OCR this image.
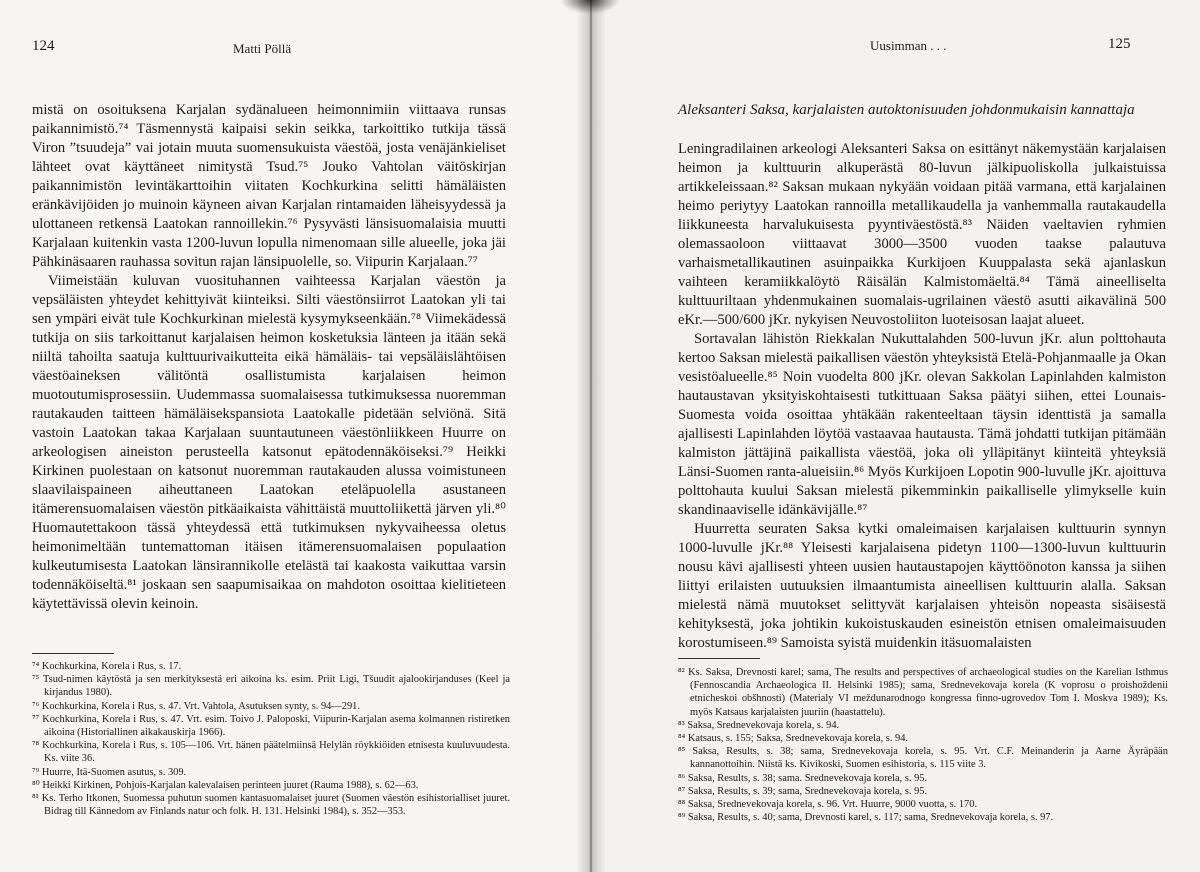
124	Matti Pöllä

mistä on osoituksena Karjalan sydänalueen heimonnimiin viittaava runsas paikannimistö.⁷⁴ Täsmennystä kaipaisi sekin seikka, tarkoittiko tutkija tässä Viron ”tsuudeja” vai jotain muuta suomensukuista väestöä, josta venäjänkieliset lähteet ovat käyttäneet nimitystä Tsud.⁷⁵ Jouko Vahtolan väitöskirjan paikannimistön levintäkarttoihin viitaten Kochkurkina selitti hämäläisten eränkävijöiden jo muinoin käyneen aivan Karjalan rintamaiden läheisyydessä ja ulottaneen retkensä Laatokan rannoillekin.⁷⁶ Pysyvästi länsisuomalaisia muutti Karjalaan kuitenkin vasta 1200-luvun lopulla nimenomaan sille alueelle, joka jäi Pähkinäsaaren rauhassa sovitun rajan länsipuolelle, so. Viipurin Karjalaan.⁷⁷

Viimeistään kuluvan vuosituhannen vaihteessa Karjalan väestön ja vepsäläisten yhteydet kehittyivät kiinteiksi. Silti väestönsiirrot Laatokan yli tai sen ympäri eivät tule Kochkurkinan mielestä kysymykseenkään.⁷⁸ Viimekädessä tutkija on siis tarkoittanut karjalaisen heimon kosketuksia länteen ja itään sekä niiltä tahoilta saatuja kulttuurivaikutteita eikä hämäläis- tai vepsäläislähtöisen väestöaineksen välitöntä osallistumista karjalaisen heimon muotoutumisprosessiin. Uudemmassa suomalaisessa tutkimuksessa nuoremman rautakauden taitteen hämäläisekspansiota Laatokalle pidetään selviönä. Sitä vastoin Laatokan takaa Karjalaan suuntautuneen väestönliikkeen Huurre on arkeologisen aineiston perusteella katsonut epätodennäköiseksi.⁷⁹ Heikki Kirkinen puolestaan on katsonut nuoremman rautakauden alussa voimistuneen slaavilaispaineen aiheuttaneen Laatokan eteläpuolella asustaneen itämerensuomalaisen väestön pitkäaikaista vähittäistä muuttoliikettä järven yli.⁸⁰ Huomautettakoon tässä yhteydessä että tutkimuksen nykyvaiheessa oletus heimonimeltään tuntemattoman itäisen itämerensuomalaisen populaation kulkeutumisesta Laatokan länsirannikolle etelästä tai kaakosta vaikuttaa varsin todennäköiseltä.⁸¹ joskaan sen saapumisaikaa on mahdoton osoittaa kielitieteen käytettävissä olevin keinoin.

⁷⁴ Kochkurkina, Korela i Rus, s. 17.

⁷⁵ Tsud-nimen käytöstä ja sen merkityksestä eri aikoina ks. esim. Priit Ligi, Tšuudit ajalookirjanduses (Keel ja kirjandus 1980).

⁷⁶ Kochkurkina, Korela i Rus, s. 47. Vrt. Vahtola, Asutuksen synty, s. 94—291.

⁷⁷ Kochkurkina, Korela i Rus, s. 47. Vrt. esim. Toivo J. Paloposki, Viipurin-Karjalan asema kolmannen ristiretken aikoina (Historiallinen aikakauskirja 1966).

⁷⁸ Kochkurkina, Korela i Rus, s. 105—106. Vrt. hänen päätelmiinsä Helylän röykkiöiden etnisesta kuuluvuudesta. Ks. viite 36.

⁷⁹ Huurre, Itä-Suomen asutus, s. 309.

⁸⁰ Heikki Kirkinen, Pohjois-Karjalan kalevalaisen perinteen juuret (Rauma 1988), s. 62—63.

⁸¹ Ks. Terho Itkonen, Suomessa puhutun suomen kantasuomalaiset juuret (Suomen väestön esihistorialliset juuret. Bidrag till Kännedom av Finlands natur och folk. H. 131. Helsinki 1984), s. 352—353.

Uusimman . . .	125
Aleksanteri Saksa, karjalaisten autoktonisuuden johdonmukaisin kannattaja

Leningradilainen arkeologi Aleksanteri Saksa on esittänyt näkemystään karjalaisen heimon ja kulttuurin alkuperästä 80-luvun jälkipuoliskolla julkaistuissa artikkeleissaan.⁸² Saksan mukaan nykyään voidaan pitää varmana, että karjalainen heimo periytyy Laatokan rannoilla metallikaudella ja vanhemmalla rautakaudella liikkuneesta harvalukuisesta pyyntiväestöstä.⁸³ Näiden vaeltavien ryhmien olemassaoloon viittaavat 3000—3500 vuoden taakse palautuva varhaismetallikautinen asuinpaikka Kurkijoen Kuuppalasta sekä ajanlaskun vaihteen keramiikkalöytö Räisälän Kalmistomäeltä.⁸⁴ Tämä aineelliselta kulttuuriltaan yhdenmukainen suomalais-ugrilainen väestö asutti aikavälinä 500 eKr.—500/600 jKr. nykyisen Neuvostoliiton luoteisosan laajat alueet.

Sortavalan lähistön Riekkalan Nukuttalahden 500-luvun jKr. alun polttohauta kertoo Saksan mielestä paikallisen väestön yhteyksistä Etelä-Pohjanmaalle ja Okan vesistöalueelle.⁸⁵ Noin vuodelta 800 jKr. olevan Sakkolan Lapinlahden kalmiston hautaustavan yksityiskohtaisesti tutkittuaan Saksa päätyi siihen, ettei Lounais-Suomesta voida osoittaa yhtäkään rakenteeltaan täysin identtistä ja samalla ajallisesti Lapinlahden löytöä vastaavaa hautausta. Tämä johdatti tutkijan pitämään kalmiston jättäjinä paikallista väestöä, joka oli ylläpitänyt kiinteitä yhteyksiä Länsi-Suomen ranta-alueisiin.⁸⁶ Myös Kurkijoen Lopotin 900-luvulle jKr. ajoittuva polttohauta kuului Saksan mielestä pikemminkin paikalliselle ylimykselle kuin skandinaaviselle idänkävijälle.⁸⁷

Huurretta seuraten Saksa kytki omaleimaisen karjalaisen kulttuurin synnyn 1000-luvulle jKr.⁸⁸ Yleisesti karjalaisena pidetyn 1100—1300-luvun kulttuurin nousu kävi ajallisesti yhteen uusien hautaustapojen käyttöönoton kanssa ja siihen liittyi erilaisten uutuuksien ilmaantumista aineellisen kulttuurin alalla. Saksan mielestä nämä muutokset selittyvät karjalaisen yhteisön nopeasta sisäisestä kehityksestä, joka johtikin kukoistuskauden esineistön etnisen omaleimaisuuden korostumiseen.⁸⁹ Samoista syistä muidenkin itäsuomalaisten

⁸² Ks. Saksa, Drevnosti karel; sama, The results and perspectives of archaeological studies on the Karelian Isthmus (Fennoscandia Archaeologica II. Helsinki 1985); sama, Srednevekovaja korela (K voprosu o proishoždenii etnicheskoi obšhnosti) (Materialy VI meždunarodnogo kongressa finno-ugrovedov Tom I. Moskva 1989); Ks. myös Katsaus karjalaisten juuriin (haastattelu).

⁸³ Saksa, Srednevekovaja korela, s. 94.

⁸⁴ Katsaus, s. 155; Saksa, Srednevekovaja korela, s. 94.

⁸⁵ Saksa, Results, s. 38; sama, Srednevekovaja korela, s. 95. Vrt. C.F. Meinanderin ja Aarne Äyräpään kannanottoihin. Niistä ks. Kivikoski, Suomen esihistoria, s. 115 viite 3.

⁸⁶ Saksa, Results, s. 38; sama. Srednevekovaja korela, s. 95.

⁸⁷ Saksa, Results, s. 39; sama, Srednevekovaja korela, s. 95.

⁸⁸ Saksa, Srednevekovaja korela, s. 96. Vrt. Huurre, 9000 vuotta, s. 170.

⁸⁹ Saksa, Results, s. 40; sama, Drevnosti karel, s. 117; sama, Srednevekovaja korela, s. 97.
